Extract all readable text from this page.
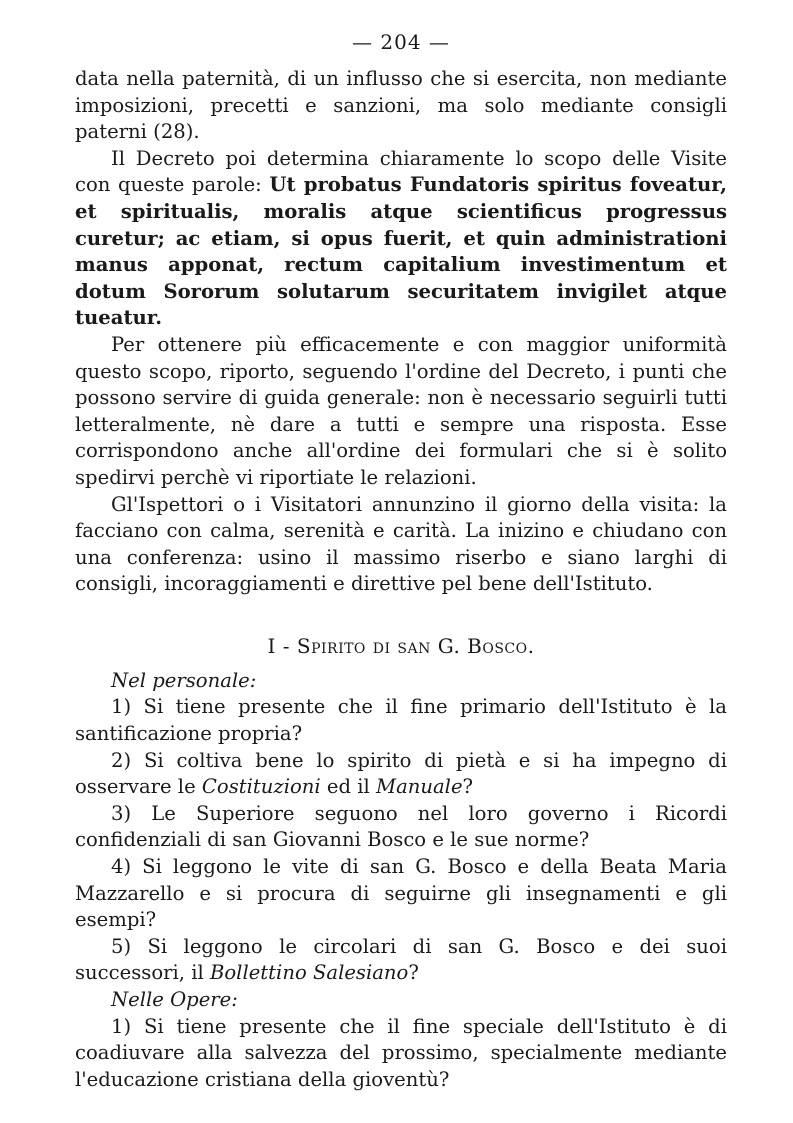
— 204 —

data nella paternità, di un influsso che si esercita, non mediante imposizioni, precetti e sanzioni, ma solo mediante consigli paterni (28).

Il Decreto poi determina chiaramente lo scopo delle Visite con queste parole: Ut probatus Fundatoris spiritus foveatur, et spiritualis, moralis atque scientificus progressus curetur; ac etiam, si opus fuerit, et quin administrationi manus apponat, rectum capitalium investimentum et dotum Sororum solutarum securitatem invigilet atque tueatur.

Per ottenere più efficacemente e con maggior uniformità questo scopo, riporto, seguendo l'ordine del Decreto, i punti che possono servire di guida generale: non è necessario seguirli tutti letteralmente, nè dare a tutti e sempre una risposta. Esse corrispondono anche all'ordine dei formulari che si è solito spedirvi perchè vi riportiate le relazioni.

Gl'Ispettori o i Visitatori annunzino il giorno della visita: la facciano con calma, serenità e carità. La inizino e chiudano con una conferenza: usino il massimo riserbo e siano larghi di consigli, incoraggiamenti e direttive pel bene dell'Istituto.

I - Spirito di san G. Bosco.

Nel personale:

1) Si tiene presente che il fine primario dell'Istituto è la santificazione propria?

2) Si coltiva bene lo spirito di pietà e si ha impegno di osservare le Costituzioni ed il Manuale?

3) Le Superiore seguono nel loro governo i Ricordi confidenziali di san Giovanni Bosco e le sue norme?

4) Si leggono le vite di san G. Bosco e della Beata Maria Mazzarello e si procura di seguirne gli insegnamenti e gli esempi?

5) Si leggono le circolari di san G. Bosco e dei suoi successori, il Bollettino Salesiano?

Nelle Opere:

1) Si tiene presente che il fine speciale dell'Istituto è di coadiuvare alla salvezza del prossimo, specialmente mediante l'educazione cristiana della gioventù?
